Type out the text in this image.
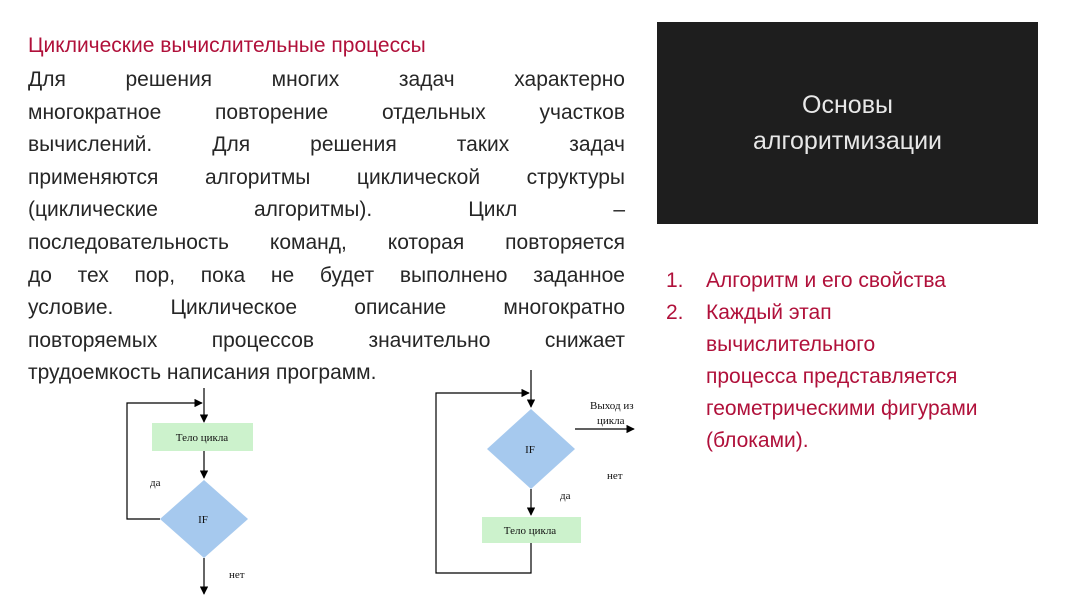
Циклические вычислительные процессы
Для решения многих задач характерно
многократное повторение отдельных участков
вычислений. Для решения таких задач
применяются алгоритмы циклической структуры
(циклические алгоритмы). Цикл –
последовательность команд, которая повторяется
до тех пор, пока не будет выполнено заданное
условие. Циклическое описание многократно
повторяемых процессов значительно снижает
трудоемкость написания программ.
Основы
алгоритмизации
1. Алгоритм и его свойства
2. Каждый этап
вычислительного
процесса представляется
геометрическими фигурами
(блоками).
Тело цикла
IF
да
нет
IF
Выход из
цикла
нет
да
Тело цикла
